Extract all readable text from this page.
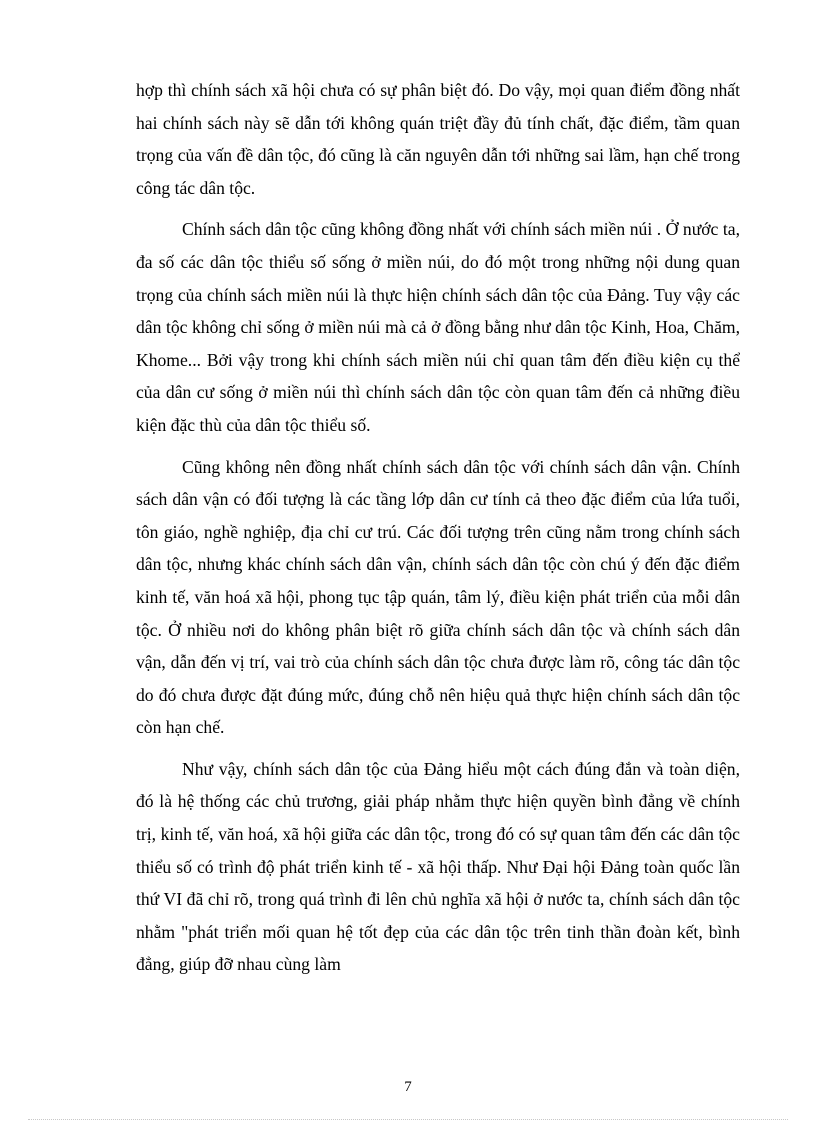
hợp thì chính sách xã hội chưa có sự phân biệt đó. Do vậy, mọi quan điểm đồng nhất hai chính sách này sẽ dẫn tới không quán triệt đầy đủ tính chất, đặc điểm, tầm quan trọng của vấn đề dân tộc, đó cũng là căn nguyên dẫn tới những sai lầm, hạn chế trong công tác dân tộc.

Chính sách dân tộc cũng không đồng nhất với chính sách miền núi . Ở nước ta, đa số các dân tộc thiểu số sống ở miền núi, do đó một trong những nội dung quan trọng của chính sách miền núi là thực hiện chính sách dân tộc của Đảng. Tuy vậy các dân tộc không chỉ sống ở miền núi mà cả ở đồng bằng như dân tộc Kinh, Hoa, Chăm, Khome... Bởi vậy trong khi chính sách miền núi chỉ quan tâm đến điều kiện cụ thể của dân cư sống ở miền núi thì chính sách dân tộc còn quan tâm đến cả những điều kiện đặc thù của dân tộc thiểu số.

Cũng không nên đồng nhất chính sách dân tộc với chính sách dân vận. Chính sách dân vận có đối tượng là các tầng lớp dân cư tính cả theo đặc điểm của lứa tuổi, tôn giáo, nghề nghiệp, địa chỉ cư trú. Các đối tượng trên cũng nằm trong chính sách dân tộc, nhưng khác chính sách dân vận, chính sách dân tộc còn chú ý đến đặc điểm kinh tế, văn hoá xã hội, phong tục tập quán, tâm lý, điều kiện phát triển của mỗi dân tộc. Ở nhiều nơi do không phân biệt rõ giữa chính sách dân tộc và chính sách dân vận, dẫn đến vị trí, vai trò của chính sách dân tộc chưa được làm rõ, công tác dân tộc do đó chưa được đặt đúng mức, đúng chỗ nên hiệu quả thực hiện chính sách dân tộc còn hạn chế.

Như vậy, chính sách dân tộc của Đảng hiểu một cách đúng đắn và toàn diện, đó là hệ thống các chủ trương, giải pháp nhằm thực hiện quyền bình đẳng về chính trị, kinh tế, văn hoá, xã hội giữa các dân tộc, trong đó có sự quan tâm đến các dân tộc thiểu số có trình độ phát triển kinh tế - xã hội thấp. Như Đại hội Đảng toàn quốc lần thứ VI đã chỉ rõ, trong quá trình đi lên chủ nghĩa xã hội ở nước ta, chính sách dân tộc nhằm "phát triển mối quan hệ tốt đẹp của các dân tộc trên tinh thần đoàn kết, bình đẳng, giúp đỡ nhau cùng làm

7
